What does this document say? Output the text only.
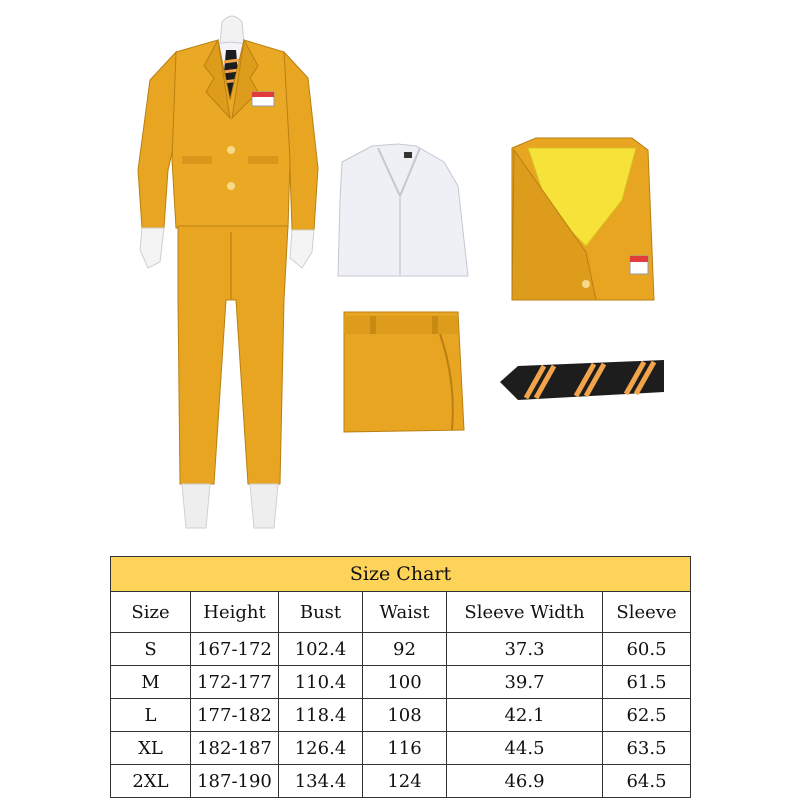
Size Chart					
Size	Height	Bust	Waist	Sleeve Width	Sleeve
S	167-172	102.4	92	37.3	60.5
M	172-177	110.4	100	39.7	61.5
L	177-182	118.4	108	42.1	62.5
XL	182-187	126.4	116	44.5	63.5
2XL	187-190	134.4	124	46.9	64.5
